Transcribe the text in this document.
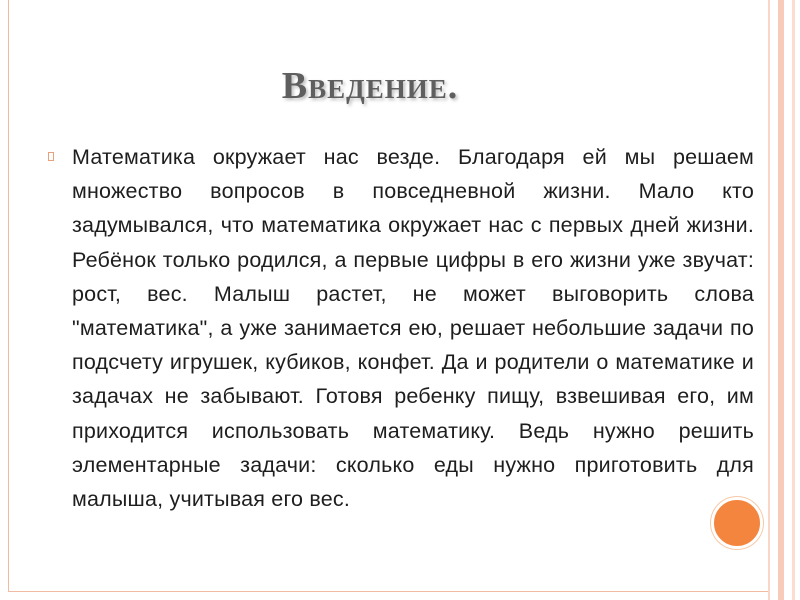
Введение.
Математика окружает нас везде. Благодаря ей мы решаем множество вопросов в повседневной жизни. Мало кто задумывался, что математика окружает нас с первых дней жизни. Ребёнок только родился, а первые цифры в его жизни уже звучат: рост, вес. Малыш растет, не может выговорить слова "математика", а уже занимается ею, решает небольшие задачи по подсчету игрушек, кубиков, конфет. Да и родители о математике и задачах не забывают. Готовя ребенку пищу, взвешивая его, им приходится использовать математику. Ведь нужно решить элементарные задачи: сколько еды нужно приготовить для малыша, учитывая его вес.
